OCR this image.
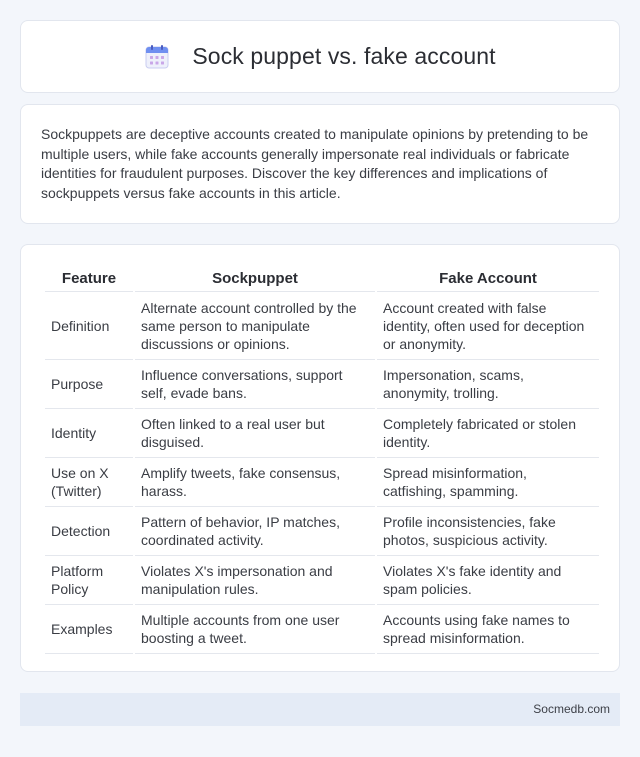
Sock puppet vs. fake account

Sockpuppets are deceptive accounts created to manipulate opinions by pretending to be multiple users, while fake accounts generally impersonate real individuals or fabricate identities for fraudulent purposes. Discover the key differences and implications of sockpuppets versus fake accounts in this article.

Feature	Sockpuppet	Fake Account
Definition	Alternate account controlled by the same person to manipulate discussions or opinions.	Account created with false identity, often used for deception or anonymity.
Purpose	Influence conversations, support self, evade bans.	Impersonation, scams, anonymity, trolling.
Identity	Often linked to a real user but disguised.	Completely fabricated or stolen identity.
Use on X (Twitter)	Amplify tweets, fake consensus, harass.	Spread misinformation, catfishing, spamming.
Detection	Pattern of behavior, IP matches, coordinated activity.	Profile inconsistencies, fake photos, suspicious activity.
Platform Policy	Violates X's impersonation and manipulation rules.	Violates X's fake identity and spam policies.
Examples	Multiple accounts from one user boosting a tweet.	Accounts using fake names to spread misinformation.
Socmedb.com
